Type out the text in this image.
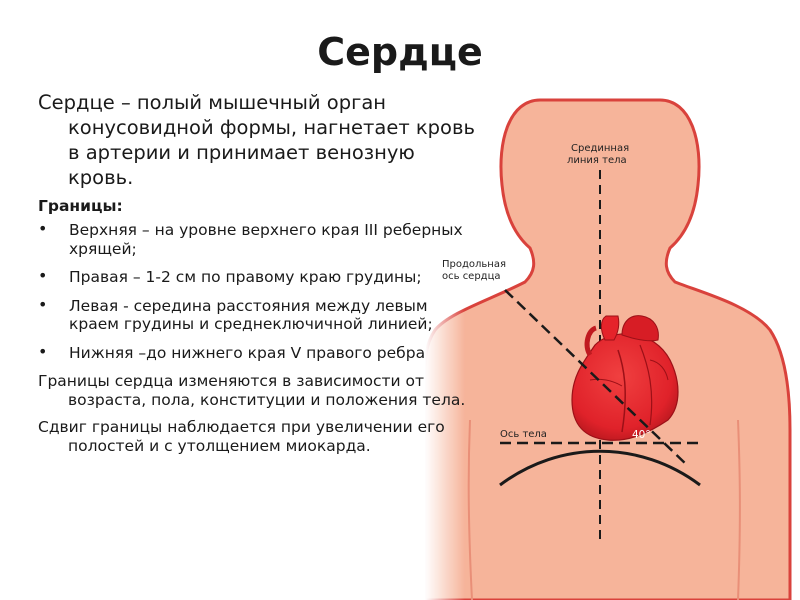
Срединная
линия тела
Продольная
ось сердца
Ось тела	40°
Сердце

Сердце – полый мышечный орган конусовидной формы, нагнетает кровь в артерии и принимает венозную кровь.

Границы:

• Верхняя – на уровне верхнего края III реберных хрящей;
• Правая – 1-2 см по правому краю грудины;
• Левая - середина расстояния между левым краем грудины и среднеключичной линией;
• Нижняя –до нижнего края V правого ребра

Границы сердца изменяются в зависимости от возраста, пола, конституции и положения тела.

Сдвиг границы наблюдается при увеличении его полостей и с утолщением миокарда.
